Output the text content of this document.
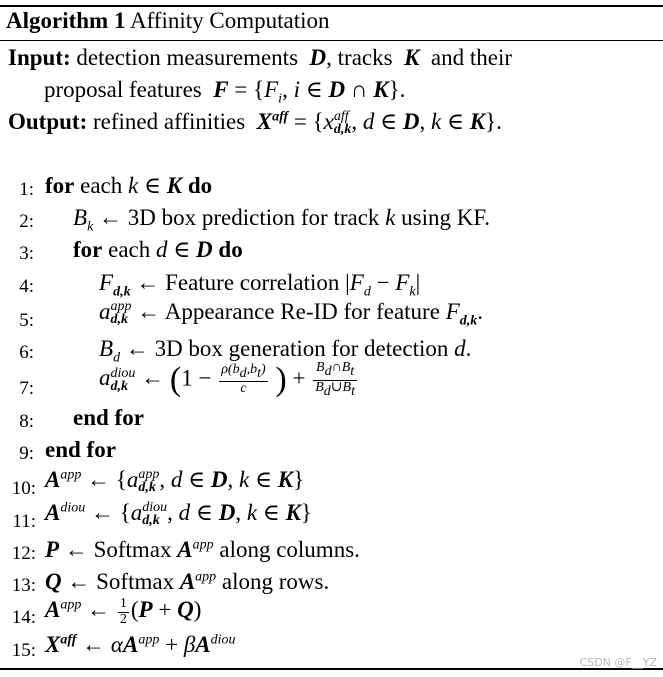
Algorithm 1 Affinity Computation
Input: detection measurements  D, tracks  K  and their
proposal features $F = \{F_i$, i ∈ D ∩ K}.
Output: refined affinities $X^{aff} = \{x$ aff
d,k , d ∈ D, k ∈ K}.
1: for each k ∈ K do
2: $B_k$ ← 3D box prediction for track k using KF.
3: for each d ∈ D do
4:	$F_{d,k}$ ← Feature correlation $|F_d - F_k|$
5:	a app
d,k ← Appearance Re-ID for feature $F_{d,k}$.
6:	$B_d$ ← 3D box generation for detection d.
7:	a diou
d,k ← ($1 - \frac{\rho(b_d,b_t)}{c}$ ) + $\frac{B_d\cap B_t}{B_d\cup B_t}$
8: end for
9: end for
10: $A^{app}$ ← {a app
d,k , d ∈ D, k ∈ K}
11: $A^{diou}$ ← {a diou
d,k , d ∈ D, k ∈ K}
12: P ← Softmax $A^{app}$ along columns.
13: Q ← Softmax $A^{app}$ along rows.
14: $A^{app}$ ← $\frac{1}{2} (P + Q)$
15: $X^{aff}$ ← $\alpha A^{app} + \beta A^{diou}$
CSDN @F__YZ
